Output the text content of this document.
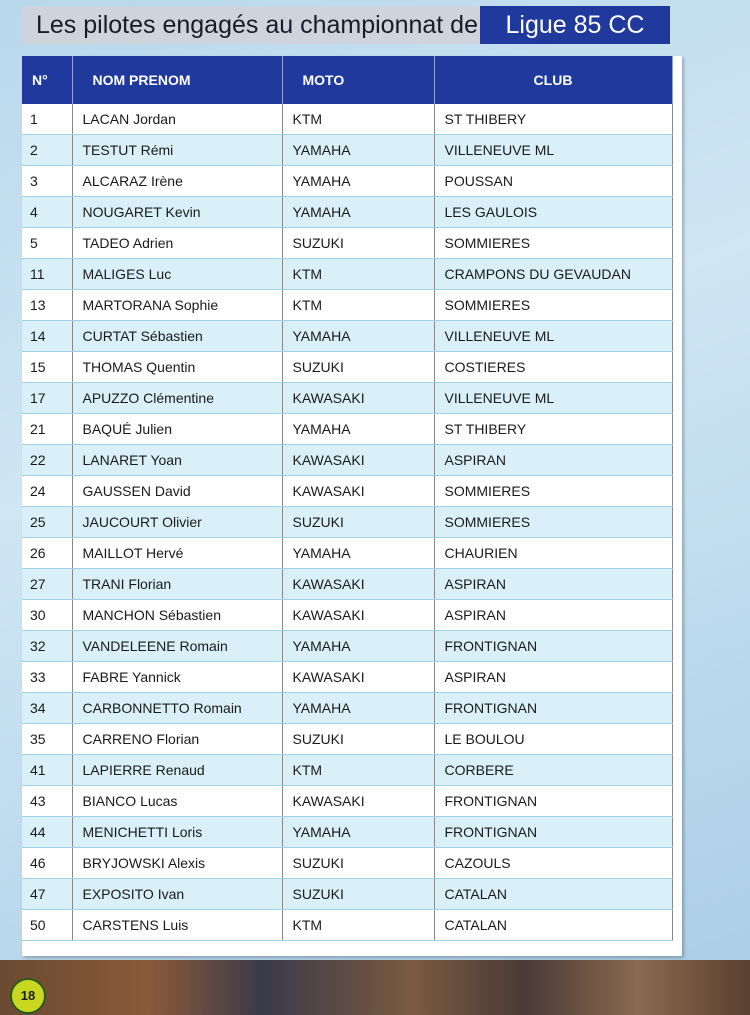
Les pilotes engagés au championnat de	Ligue 85 CC
N°	NOM PRENOM	MOTO	CLUB
1	LACAN Jordan	KTM	ST THIBERY
2	TESTUT Rémi	YAMAHA	VILLENEUVE ML
3	ALCARAZ Irène	YAMAHA	POUSSAN
4	NOUGARET Kevin	YAMAHA	LES GAULOIS
5	TADEO Adrien	SUZUKI	SOMMIERES
11	MALIGES Luc	KTM	CRAMPONS DU GEVAUDAN
13	MARTORANA Sophie	KTM	SOMMIERES
14	CURTAT Sébastien	YAMAHA	VILLENEUVE ML
15	THOMAS Quentin	SUZUKI	COSTIERES
17	APUZZO Clémentine	KAWASAKI	VILLENEUVE ML
21	BAQUÉ Julien	YAMAHA	ST THIBERY
22	LANARET Yoan	KAWASAKI	ASPIRAN
24	GAUSSEN David	KAWASAKI	SOMMIERES
25	JAUCOURT Olivier	SUZUKI	SOMMIERES
26	MAILLOT Hervé	YAMAHA	CHAURIEN
27	TRANI Florian	KAWASAKI	ASPIRAN
30	MANCHON Sébastien	KAWASAKI	ASPIRAN
32	VANDELEENE Romain	YAMAHA	FRONTIGNAN
33	FABRE Yannick	KAWASAKI	ASPIRAN
34	CARBONNETTO Romain	YAMAHA	FRONTIGNAN
35	CARRENO Florian	SUZUKI	LE BOULOU
41	LAPIERRE Renaud	KTM	CORBERE
43	BIANCO Lucas	KAWASAKI	FRONTIGNAN
44	MENICHETTI Loris	YAMAHA	FRONTIGNAN
46	BRYJOWSKI Alexis	SUZUKI	CAZOULS
47	EXPOSITO Ivan	SUZUKI	CATALAN
50	CARSTENS Luis	KTM	CATALAN
18
